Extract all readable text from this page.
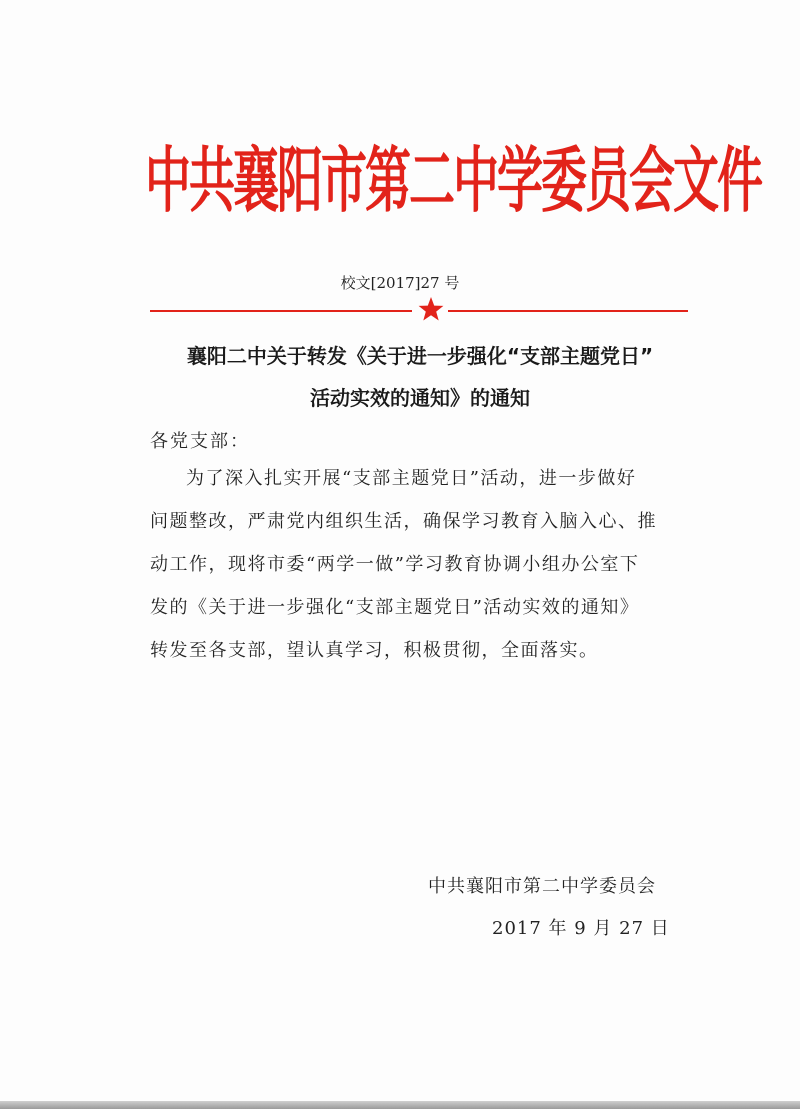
中共襄阳市第二中学委员会文件
校文[2017]27 号
襄阳二中关于转发《关于进一步强化“支部主题党日”
活动实效的通知》的通知
各党支部：
为了深入扎实开展“支部主题党日”活动，进一步做好
问题整改，严肃党内组织生活，确保学习教育入脑入心、推
动工作，现将市委“两学一做”学习教育协调小组办公室下
发的《关于进一步强化“支部主题党日”活动实效的通知》
转发至各支部，望认真学习，积极贯彻，全面落实。
中共襄阳市第二中学委员会
2017 年 9 月 27 日
